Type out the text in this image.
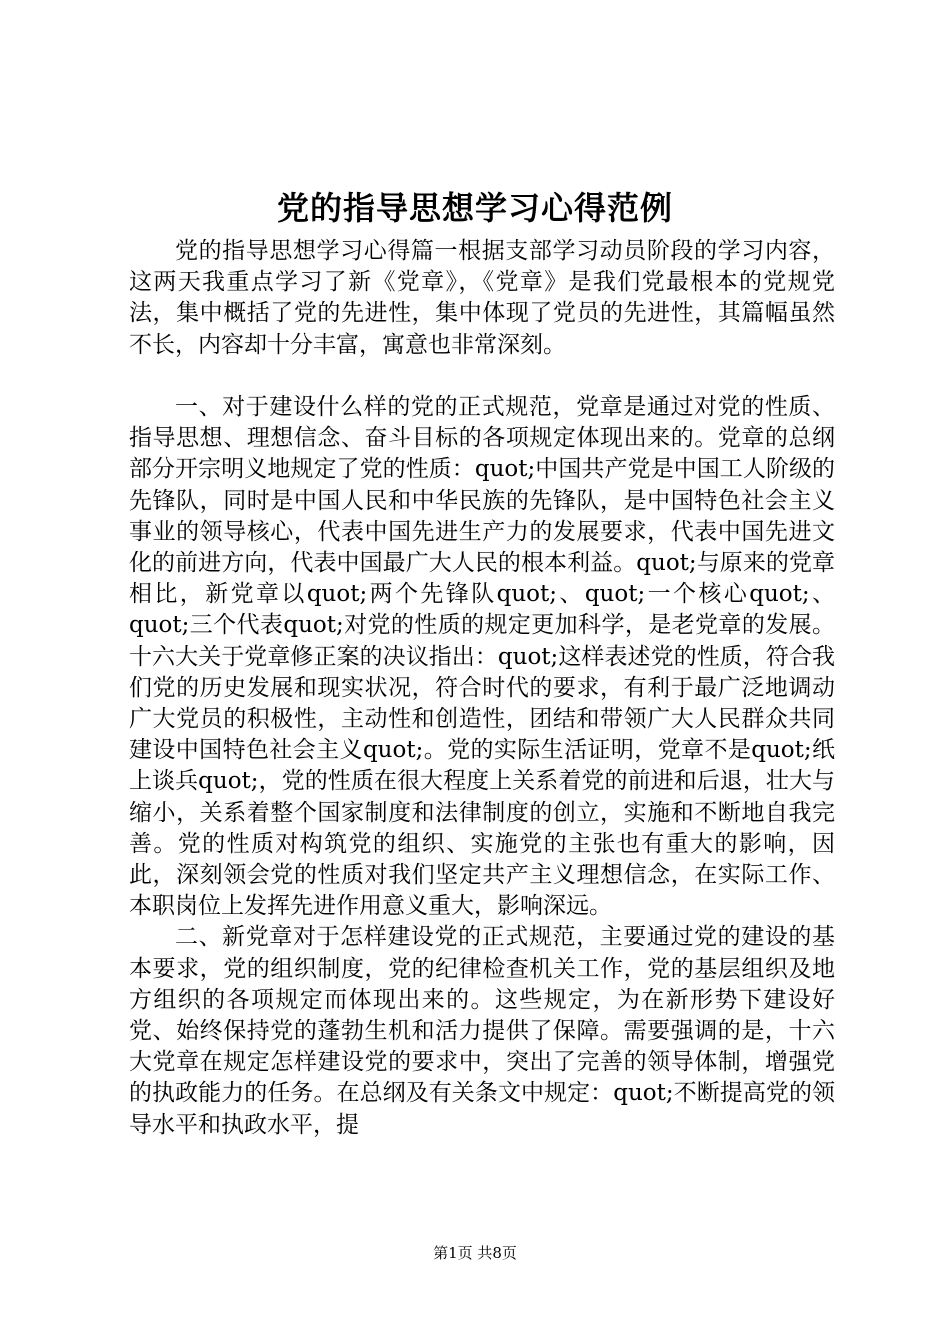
党的指导思想学习心得范例

党的指导思想学习心得篇一根据支部学习动员阶段的学习内容，这两天我重点学习了新《党章》，《党章》是我们党最根本的党规党法，集中概括了党的先进性，集中体现了党员的先进性，其篇幅虽然不长，内容却十分丰富，寓意也非常深刻。

一、对于建设什么样的党的正式规范，党章是通过对党的性质、指导思想、理想信念、奋斗目标的各项规定体现出来的。党章的总纲部分开宗明义地规定了党的性质：quot;中国共产党是中国工人阶级的先锋队，同时是中国人民和中华民族的先锋队，是中国特色社会主义事业的领导核心，代表中国先进生产力的发展要求，代表中国先进文化的前进方向，代表中国最广大人民的根本利益。quot;与原来的党章相比，新党章以quot;两个先锋队quot;、quot;一个核心quot;、quot;三个代表quot;对党的性质的规定更加科学，是老党章的发展。十六大关于党章修正案的决议指出：quot;这样表述党的性质，符合我们党的历史发展和现实状况，符合时代的要求，有利于最广泛地调动广大党员的积极性，主动性和创造性，团结和带领广大人民群众共同建设中国特色社会主义quot;。党的实际生活证明，党章不是quot;纸上谈兵quot;，党的性质在很大程度上关系着党的前进和后退，壮大与缩小，关系着整个国家制度和法律制度的创立，实施和不断地自我完善。党的性质对构筑党的组织、实施党的主张也有重大的影响，因此，深刻领会党的性质对我们坚定共产主义理想信念，在实际工作、本职岗位上发挥先进作用意义重大，影响深远。

二、新党章对于怎样建设党的正式规范，主要通过党的建设的基本要求，党的组织制度，党的纪律检查机关工作，党的基层组织及地方组织的各项规定而体现出来的。这些规定，为在新形势下建设好党、始终保持党的蓬勃生机和活力提供了保障。需要强调的是，十六大党章在规定怎样建设党的要求中，突出了完善的领导体制，增强党的执政能力的任务。在总纲及有关条文中规定：quot;不断提高党的领导水平和执政水平，提

第1页 共8页
